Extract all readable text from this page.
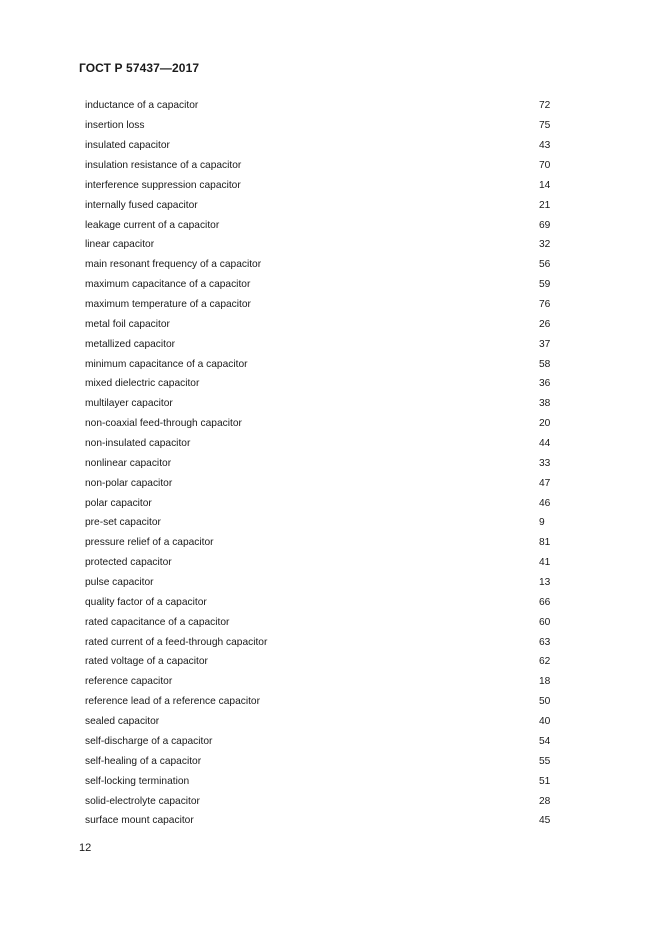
ГОСТ Р 57437—2017
inductance of a capacitor	72
insertion loss	75
insulated capacitor	43
insulation resistance of a capacitor	70
interference suppression capacitor	14
internally fused capacitor	21
leakage current of a capacitor	69
linear capacitor	32
main resonant frequency of a capacitor	56
maximum capacitance of a capacitor	59
maximum temperature of a capacitor	76
metal foil capacitor	26
metallized capacitor	37
minimum capacitance of a capacitor	58
mixed dielectric capacitor	36
multilayer capacitor	38
non-coaxial feed-through capacitor	20
non-insulated capacitor	44
nonlinear capacitor	33
non-polar capacitor	47
polar capacitor	46
pre-set capacitor	9
pressure relief of a capacitor	81
protected capacitor	41
pulse capacitor	13
quality factor of a capacitor	66
rated capacitance of a capacitor	60
rated current of a feed-through capacitor	63
rated voltage of a capacitor	62
reference capacitor	18
reference lead of a reference capacitor	50
sealed capacitor	40
self-discharge of a capacitor	54
self-healing of a capacitor	55
self-locking termination	51
solid-electrolyte capacitor	28
surface mount capacitor	45
12
